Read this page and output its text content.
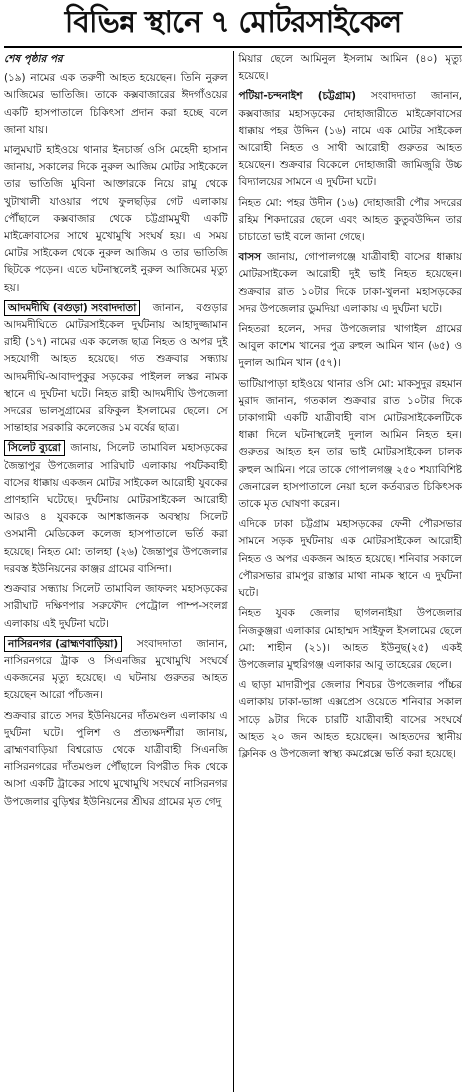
বিভিন্ন স্থানে ৭ মোটরসাইকেল
শেষ পৃষ্ঠার পর

(১৯) নামের এক তরুণী আহত হয়েছেন। তিনি নুরুল আজিমের ভাতিজি। তাকে কক্সবাজারের ঈদগাঁওয়ের একটি হাসপাতালে চিকিৎসা প্রদান করা হচ্ছে বলে জানা যায়।

মালুমঘাট হাইওয়ে থানার ইনচার্জ ওসি মেহেদী হাসান জানায়, সকালের দিকে নুরুল আজিম মোটর সাইকেলে তার ভাতিজি মুবিনা আক্তারকে নিয়ে রামু থেকে খুটাখালী যাওয়ার পথে ফুলছড়ির গেট এলাকায় পৌঁছালে কক্সবাজার থেকে চট্টগ্রামমুখী একটি মাইক্রোবাসের সাথে মুখোমুখি সংঘর্ষ হয়। এ সময় মোটর সাইকেল থেকে নুরুল আজিম ও তার ভাতিজি ছিটকে পড়েন। এতে ঘটনাস্থলেই নুরুল আজিমের মৃত্যু হয়।

আদমদীঘি (বগুড়া) সংবাদদাতা জানান, বগুড়ার আদমদীঘিতে মোটরসাইকেল দুর্ঘটনায় আহাদুজ্জামান রাহী (১৭) নামের এক কলেজ ছাত্র নিহত ও অপর দুই সহযোগী আহত হয়েছে। গত শুক্রবার সন্ধ্যায় আদমদীঘি-আবাদপুকুর সড়কের পাইলল লস্কর নামক স্থানে এ দুর্ঘটনা ঘটে। নিহত রাহী আদমদীঘি উপজেলা সদরের ভালসুগ্রামের রফিকুল ইসলামের ছেলে। সে সান্তাহার সরকারি কলেজের ১ম বর্ষের ছাত্র।

সিলেট ব্যুরো জানায়, সিলেট তামাবিল মহাসড়কের জৈন্তাপুর উপজেলার সারিঘাট এলাকায় পর্যটকবাহী বাসের ধাক্কায় একজন মোটর সাইকেল আরোহী যুবকের প্রাণহানি ঘটেছে। দুর্ঘটনায় মোটরসাইকেল আরোহী আরও ৪ যুবককে আশঙ্কাজনক অবস্থায় সিলেট ওসমানী মেডিকেল কলেজ হাসপাতালে ভর্তি করা হয়েছে। নিহত মো: তালহা (২৬) জৈন্তাপুর উপজেলার দরবস্ত ইউনিয়নের কাঞ্জর গ্রামের বাসিন্দা।

শুক্রবার সন্ধ্যায় সিলেট তামাবিল জাফলং মহাসড়কের সারীঘাট দক্ষিণপার সরুফৌদ পেট্রোল পাম্প-সংলগ্ন এলাকায় এই দুর্ঘটনা ঘটে।

নাসিরনগর (ব্রাহ্মণবাড়িয়া) সংবাদদাতা জানান, নাসিরনগরে ট্রাক ও সিএনজির মুখোমুখি সংঘর্ষে একজনের মৃত্যু হয়েছে। এ ঘটনায় গুরুতর আহত হয়েছেন আরো পাঁচজন।

শুক্রবার রাতে সদর ইউনিয়নের দাঁতমণ্ডল এলাকায় এ দুর্ঘটনা ঘটে। পুলিশ ও প্রত্যক্ষদর্শীরা জানায়, ব্রাহ্মণবাড়িয়া বিশ্বরোড থেকে যাত্রীবাহী সিএনজি নাসিরনগরের দাঁতমণ্ডল পৌঁছালে বিপরীত দিক থেকে আসা একটি ট্রাকের সাথে মুখোমুখি সংঘর্ষে নাসিরনগর উপজেলার বুড়িশ্বর ইউনিয়নের শ্রীঘর গ্রামের মৃত গেদু

মিয়ার ছেলে আমিনুল ইসলাম আমিন (৪০) মৃত্যু হয়েছে।

পটিয়া-চন্দনাইশ (চট্টগ্রাম) সংবাদদাতা জানান, কক্সবাজার মহাসড়কের দোহাজারীতে মাইক্রোবাসের ধাক্কায় পহর উদ্দিন (১৬) নামে এক মোটর সাইকেল আরোহী নিহত ও সাথী আরোহী গুরুতর আহত হয়েছেন। শুক্রবার বিকেলে দোহাজারী জামিজুরি উচ্চ বিদ্যালয়ের সামনে এ দুর্ঘটনা ঘটে।

নিহত মো: পহর উদীন (১৬) দোহাজারী পৌর সদরের রহিম শিকদারের ছেলে এবং আহত কুতুবউদ্দিন তার চাচাতো ভাই বলে জানা গেছে।

বাসস জানায়, গোপালগঞ্জে যাত্রীবাহী বাসের ধাক্কায় মোটরসাইকেল আরোহী দুই ভাই নিহত হয়েছেন। শুক্রবার রাত ১০টার দিকে ঢাকা-খুলনা মহাসড়কের সদর উপজেলার ডুমদিয়া এলাকায় এ দুর্ঘটনা ঘটে।

নিহতরা হলেন, সদর উপজেলার খাগাইল গ্রামের আবুল কাশেম খানের পুত্র রুহুল আমিন খান (৬৫) ও দুলাল আমিন খান (৫৭)।

ভাটিয়াপাড়া হাইওয়ে থানার ওসি মো: মাকসুদুর রহমান মুরাদ জানান, গতকাল শুক্রবার রাত ১০টার দিকে ঢাকাগামী একটি যাত্রীবাহী বাস মোটরসাইকেলটিকে ধাক্কা দিলে ঘটনাস্থলেই দুলাল আমিন নিহত হন। গুরুতর আহত হন তার ভাই মোটরসাইকেল চালক রুহুল আমিন। পরে তাকে গোপালগঞ্জ ২৫০ শয্যাবিশিষ্ট জেনারেল হাসপাতালে নেয়া হলে কর্তব্যরত চিকিৎসক তাকে মৃত ঘোষণা করেন।

এদিকে ঢাকা চট্টগ্রাম মহাসড়কের ফেনী পৌরসভার সামনে সড়ক দুর্ঘটনায় এক মোটরসাইকেল আরোহী নিহত ও অপর একজন আহত হয়েছে। শনিবার সকালে পৌরসভার রামপুর রাস্তার মাথা নামক স্থানে এ দুর্ঘটনা ঘটে।

নিহত যুবক জেলার ছাগলনাইয়া উপজেলার নিজকুঞ্জরা এলাকার মোহাম্মদ সাইফুল ইসলামের ছেলে মো: শাহীন (২১)। আহত ইউনুছ(২৫) একই উপজেলার মুহুরিগঞ্জ এলাকার আবু তাহেরের ছেলে।

এ ছাড়া মাদারীপুর জেলার শিবচর উপজেলার পাঁচ্চর এলাকায় ঢাকা-ভাঙ্গা এক্সপ্রেস ওয়েতে শনিবার সকাল সাড়ে ৯টার দিকে চারটি যাত্রীবাহী বাসের সংঘর্ষে আহত ২০ জন আহত হয়েছেন। আহতদের স্থানীয় ক্লিনিক ও উপজেলা স্বাস্থ্য কমপ্লেক্সে ভর্তি করা হয়েছে।
